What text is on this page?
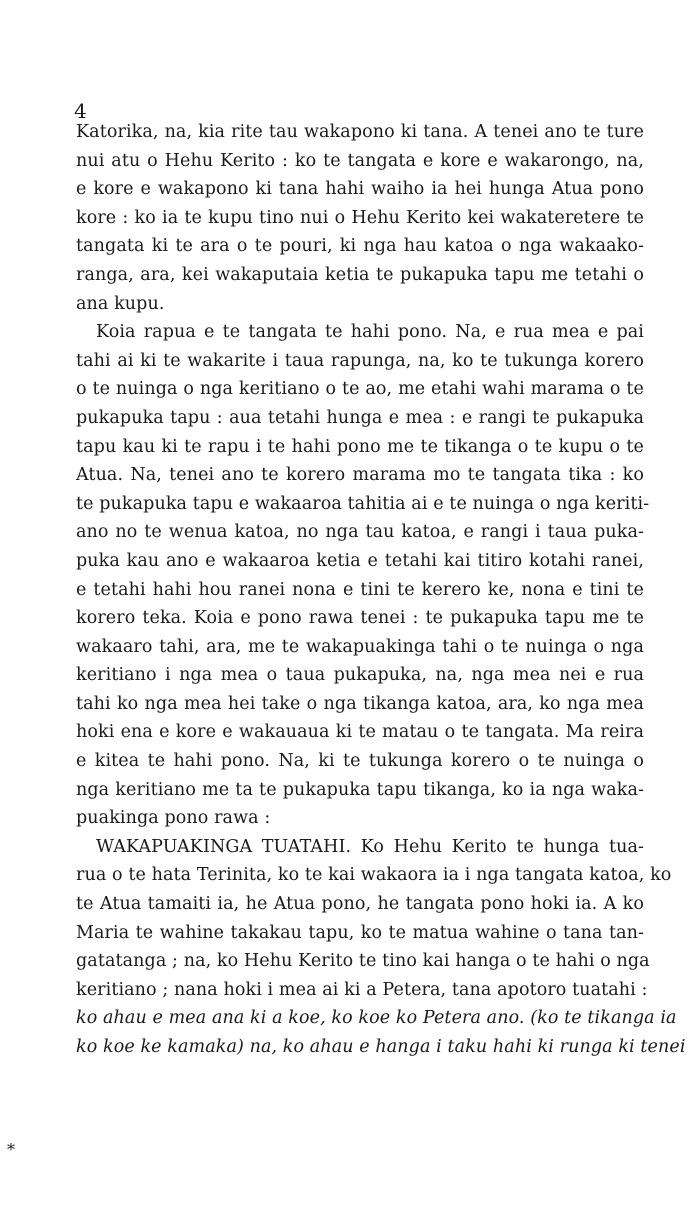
4
Katorika, na, kia rite tau wakapono ki tana. A tenei ano te ture
nui atu o Hehu Kerito : ko te tangata e kore e wakarongo, na,
e kore e wakapono ki tana hahi waiho ia hei hunga Atua pono
kore : ko ia te kupu tino nui o Hehu Kerito kei wakateretere te
tangata ki te ara o te pouri, ki nga hau katoa o nga wakaako-
ranga, ara, kei wakaputaia ketia te pukapuka tapu me tetahi o
ana kupu.
Koia rapua e te tangata te hahi pono. Na, e rua mea e pai
tahi ai ki te wakarite i taua rapunga, na, ko te tukunga korero
o te nuinga o nga keritiano o te ao, me etahi wahi marama o te
pukapuka tapu : aua tetahi hunga e mea : e rangi te pukapuka
tapu kau ki te rapu i te hahi pono me te tikanga o te kupu o te
Atua. Na, tenei ano te korero marama mo te tangata tika : ko
te pukapuka tapu e wakaaroa tahitia ai e te nuinga o nga keriti-
ano no te wenua katoa, no nga tau katoa, e rangi i taua puka-
puka kau ano e wakaaroa ketia e tetahi kai titiro kotahi ranei,
e tetahi hahi hou ranei nona e tini te kerero ke, nona e tini te
korero teka. Koia e pono rawa tenei : te pukapuka tapu me te
wakaaro tahi, ara, me te wakapuakinga tahi o te nuinga o nga
keritiano i nga mea o taua pukapuka, na, nga mea nei e rua
tahi ko nga mea hei take o nga tikanga katoa, ara, ko nga mea
hoki ena e kore e wakauaua ki te matau o te tangata. Ma reira
e kitea te hahi pono. Na, ki te tukunga korero o te nuinga o
nga keritiano me ta te pukapuka tapu tikanga, ko ia nga waka-
puakinga pono rawa :
WAKAPUAKINGA TUATAHI. Ko Hehu Kerito te hunga tua-
rua o te hata Terinita, ko te kai wakaora ia i nga tangata katoa, ko
te Atua tamaiti ia, he Atua pono, he tangata pono hoki ia. A ko
Maria te wahine takakau tapu, ko te matua wahine o tana tan-
gatatanga ; na, ko Hehu Kerito te tino kai hanga o te hahi o nga
keritiano ; nana hoki i mea ai ki a Petera, tana apotoro tuatahi :
ko ahau e mea ana ki a koe, ko koe ko Petera ano. (ko te tikanga ia
ko koe ke kamaka) na, ko ahau e hanga i taku hahi ki runga ki tenei
*
